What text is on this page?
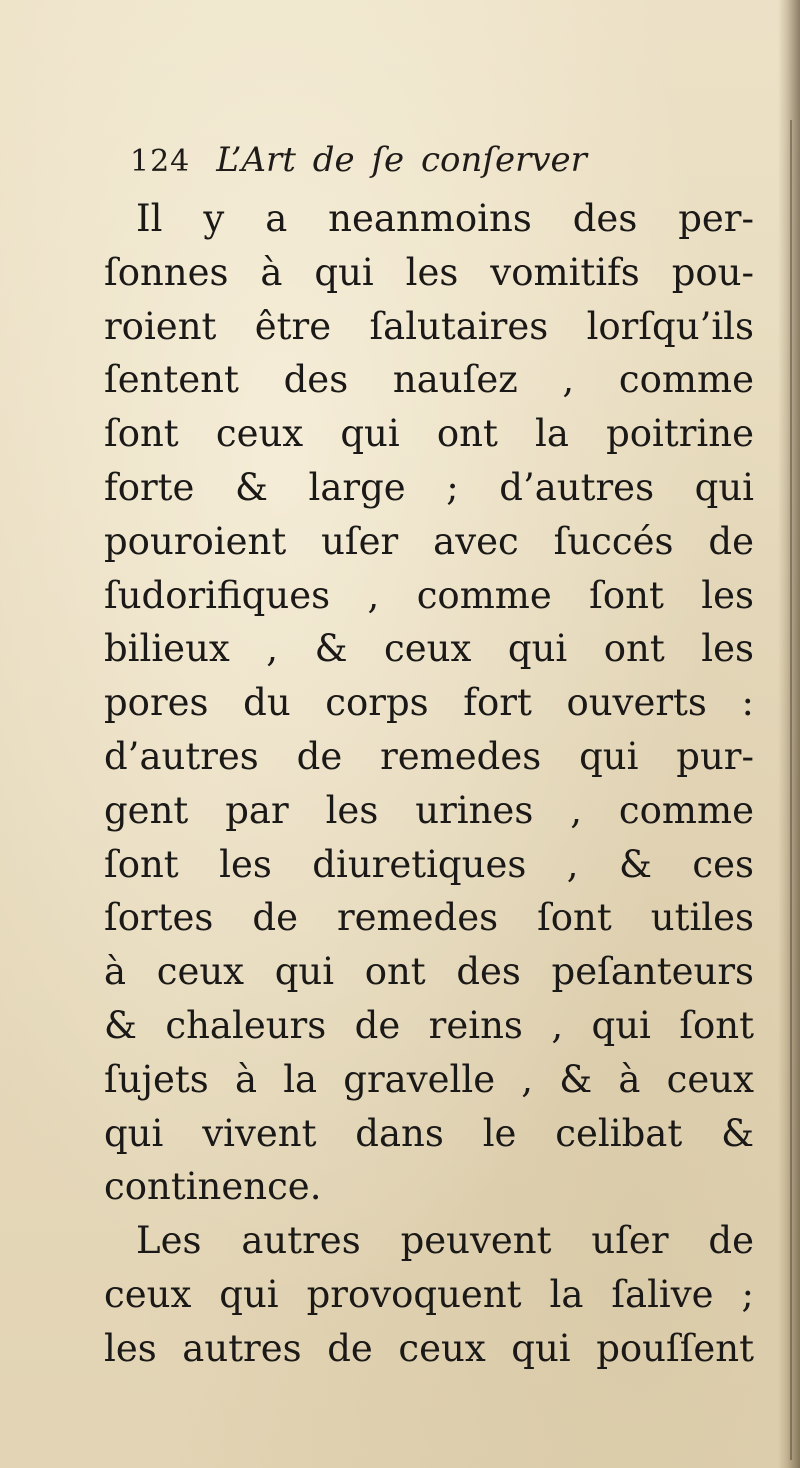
124 L’Art de ſe conſerver
Il y a neanmoins des per-
ſonnes à qui les vomitifs pou-
roient être ſalutaires lorſqu’ils
ſentent des nauſez , comme
ſont ceux qui ont la poitrine
forte & large ; d’autres qui
pouroient uſer avec ſuccés de
ſudorifiques , comme ſont les
bilieux , & ceux qui ont les
pores du corps fort ouverts :
d’autres de remedes qui pur-
gent par les urines , comme
ſont les diuretiques , & ces
ſortes de remedes ſont utiles
à ceux qui ont des peſanteurs
& chaleurs de reins , qui ſont
ſujets à la gravelle , & à ceux
qui vivent dans le celibat &
continence.
Les autres peuvent uſer de
ceux qui provoquent la ſalive ;
les autres de ceux qui pouſſent
